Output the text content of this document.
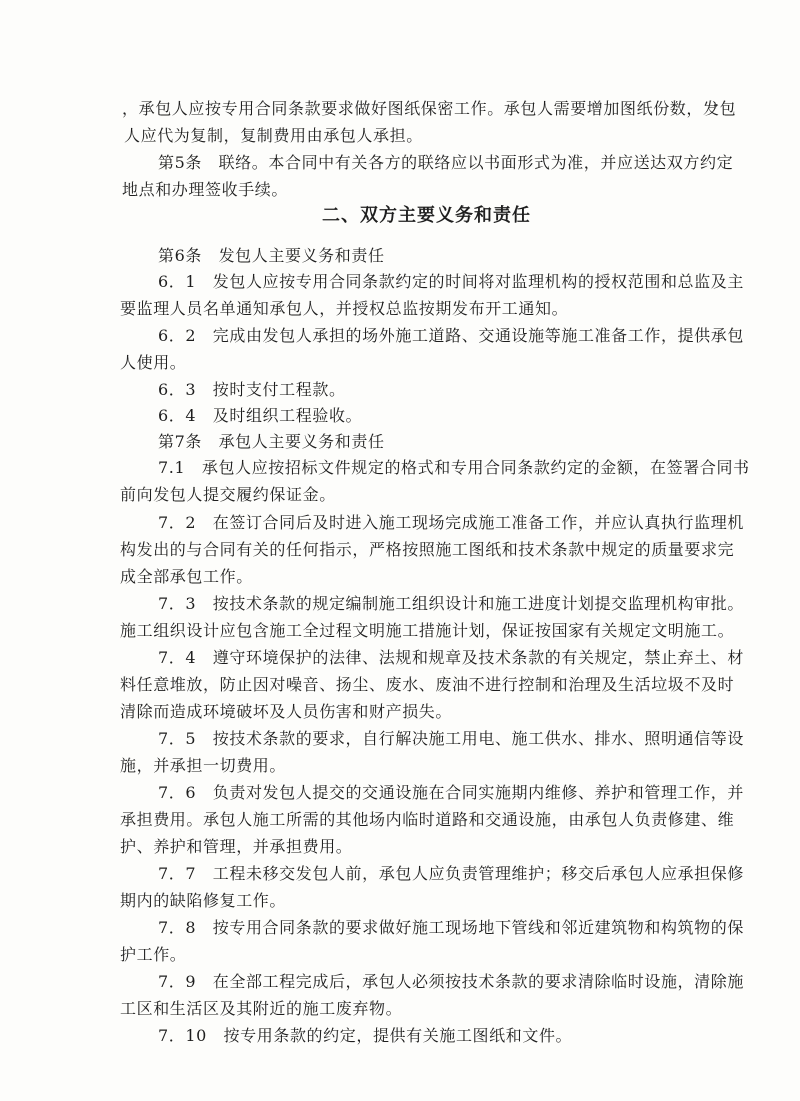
，承包人应按专用合同条款要求做好图纸保密工作。承包人需要增加图纸份数，发包
人应代为复制，复制费用由承包人承担。
第5条　联络。本合同中有关各方的联络应以书面形式为准，并应送达双方约定
地点和办理签收手续。
二、双方主要义务和责任
第6条　发包人主要义务和责任
6．1　发包人应按专用合同条款约定的时间将对监理机构的授权范围和总监及主
要监理人员名单通知承包人，并授权总监按期发布开工通知。
6．2　完成由发包人承担的场外施工道路、交通设施等施工准备工作，提供承包
人使用。
6．3　按时支付工程款。
6．4　及时组织工程验收。
第7条　承包人主要义务和责任
7.1　承包人应按招标文件规定的格式和专用合同条款约定的金额，在签署合同书
前向发包人提交履约保证金。
7．2　在签订合同后及时进入施工现场完成施工准备工作，并应认真执行监理机
构发出的与合同有关的任何指示，严格按照施工图纸和技术条款中规定的质量要求完
成全部承包工作。
7．3　按技术条款的规定编制施工组织设计和施工进度计划提交监理机构审批。
施工组织设计应包含施工全过程文明施工措施计划，保证按国家有关规定文明施工。
7．4　遵守环境保护的法律、法规和规章及技术条款的有关规定，禁止弃土、材
料任意堆放，防止因对噪音、扬尘、废水、废油不进行控制和治理及生活垃圾不及时
清除而造成环境破坏及人员伤害和财产损失。
7．5　按技术条款的要求，自行解决施工用电、施工供水、排水、照明通信等设
施，并承担一切费用。
7．6　负责对发包人提交的交通设施在合同实施期内维修、养护和管理工作，并
承担费用。承包人施工所需的其他场内临时道路和交通设施，由承包人负责修建、维
护、养护和管理，并承担费用。
7．7　工程未移交发包人前，承包人应负责管理维护；移交后承包人应承担保修
期内的缺陷修复工作。
7．8　按专用合同条款的要求做好施工现场地下管线和邻近建筑物和构筑物的保
护工作。
7．9　在全部工程完成后，承包人必须按技术条款的要求清除临时设施，清除施
工区和生活区及其附近的施工废弃物。
7．10　按专用条款的约定，提供有关施工图纸和文件。
